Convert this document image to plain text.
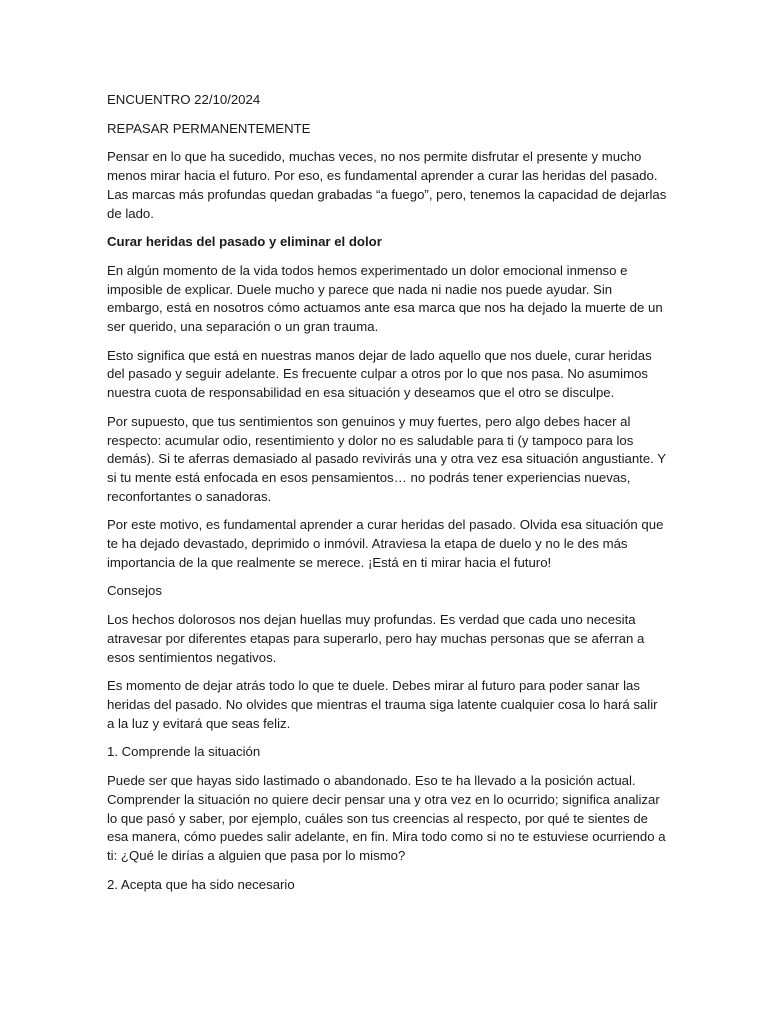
ENCUENTRO 22/10/2024

REPASAR PERMANENTEMENTE

Pensar en lo que ha sucedido, muchas veces, no nos permite disfrutar el presente y mucho menos mirar hacia el futuro. Por eso, es fundamental aprender a curar las heridas del pasado. Las marcas más profundas quedan grabadas “a fuego”, pero, tenemos la capacidad de dejarlas de lado.

Curar heridas del pasado y eliminar el dolor

En algún momento de la vida todos hemos experimentado un dolor emocional inmenso e imposible de explicar. Duele mucho y parece que nada ni nadie nos puede ayudar. Sin embargo, está en nosotros cómo actuamos ante esa marca que nos ha dejado la muerte de un ser querido, una separación o un gran trauma.

Esto significa que está en nuestras manos dejar de lado aquello que nos duele, curar heridas del pasado y seguir adelante. Es frecuente culpar a otros por lo que nos pasa. No asumimos nuestra cuota de responsabilidad en esa situación y deseamos que el otro se disculpe.

Por supuesto, que tus sentimientos son genuinos y muy fuertes, pero algo debes hacer al respecto: acumular odio, resentimiento y dolor no es saludable para ti (y tampoco para los demás). Si te aferras demasiado al pasado revivirás una y otra vez esa situación angustiante. Y si tu mente está enfocada en esos pensamientos… no podrás tener experiencias nuevas, reconfortantes o sanadoras.

Por este motivo, es fundamental aprender a curar heridas del pasado. Olvida esa situación que te ha dejado devastado, deprimido o inmóvil. Atraviesa la etapa de duelo y no le des más importancia de la que realmente se merece. ¡Está en ti mirar hacia el futuro!

Consejos

Los hechos dolorosos nos dejan huellas muy profundas. Es verdad que cada uno necesita atravesar por diferentes etapas para superarlo, pero hay muchas personas que se aferran a esos sentimientos negativos.

Es momento de dejar atrás todo lo que te duele. Debes mirar al futuro para poder sanar las heridas del pasado. No olvides que mientras el trauma siga latente cualquier cosa lo hará salir a la luz y evitará que seas feliz.

1. Comprende la situación

Puede ser que hayas sido lastimado o abandonado. Eso te ha llevado a la posición actual. Comprender la situación no quiere decir pensar una y otra vez en lo ocurrido; significa analizar lo que pasó y saber, por ejemplo, cuáles son tus creencias al respecto, por qué te sientes de esa manera, cómo puedes salir adelante, en fin. Mira todo como si no te estuviese ocurriendo a ti: ¿Qué le dirías a alguien que pasa por lo mismo?

2. Acepta que ha sido necesario
